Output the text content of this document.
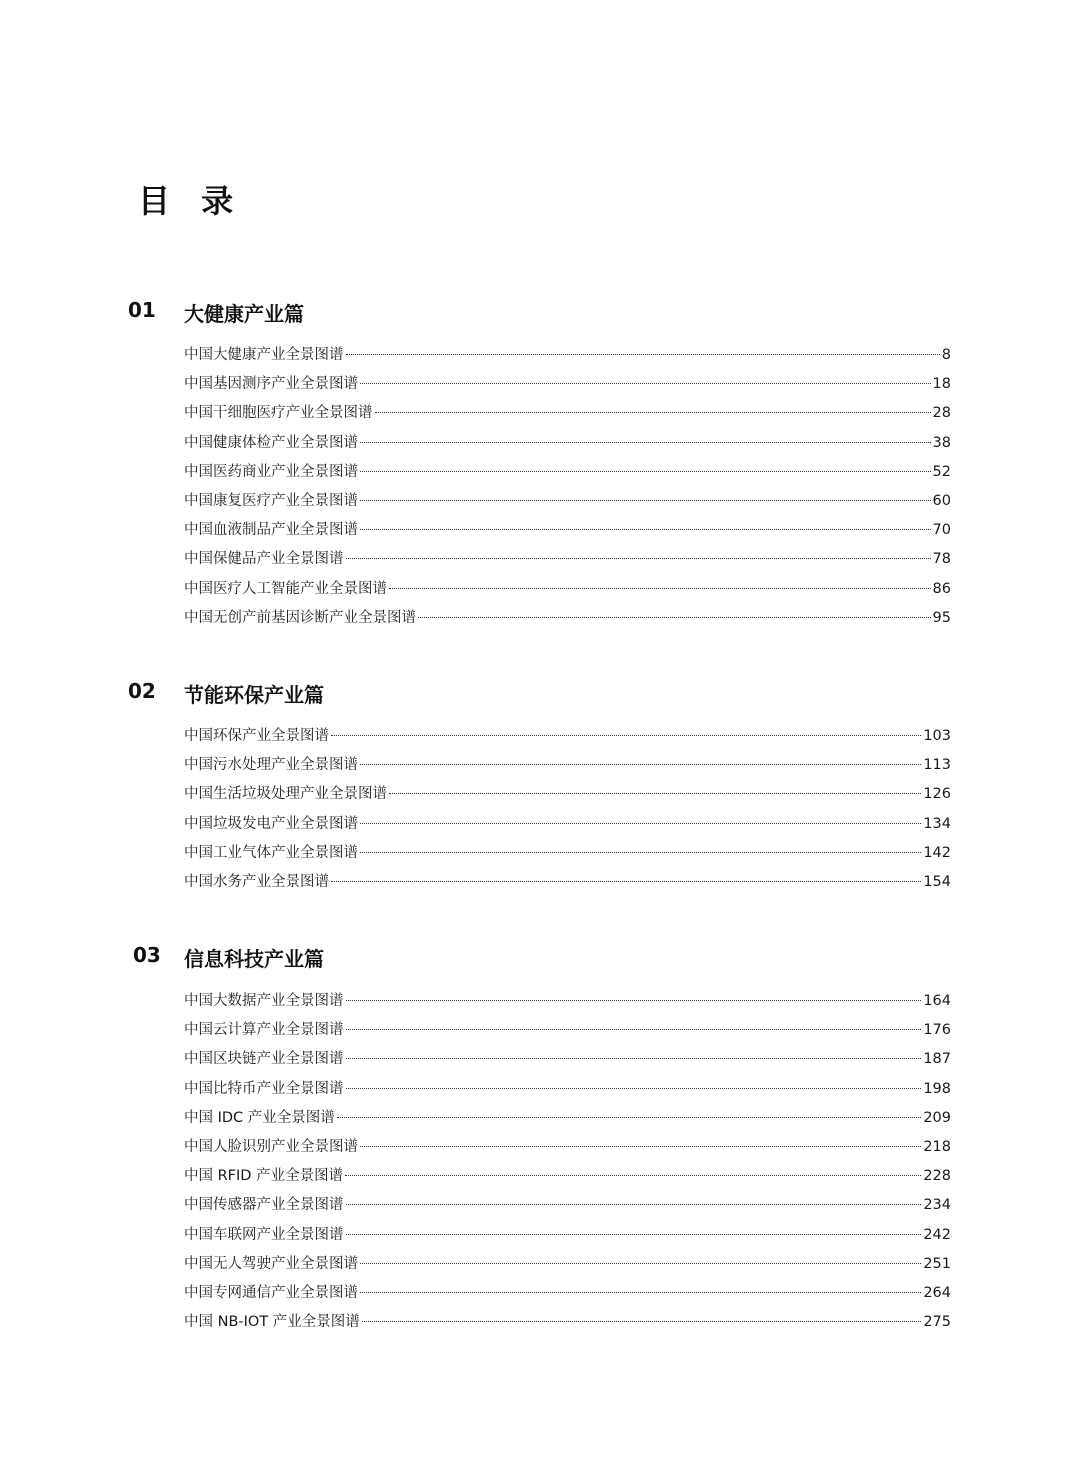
目 录
01 大健康产业篇
中国大健康产业全景图谱	8
中国基因测序产业全景图谱	18
中国干细胞医疗产业全景图谱	28
中国健康体检产业全景图谱	38
中国医药商业产业全景图谱	52
中国康复医疗产业全景图谱	60
中国血液制品产业全景图谱	70
中国保健品产业全景图谱	78
中国医疗人工智能产业全景图谱	86
中国无创产前基因诊断产业全景图谱	95
02 节能环保产业篇
中国环保产业全景图谱	103
中国污水处理产业全景图谱	113
中国生活垃圾处理产业全景图谱	126
中国垃圾发电产业全景图谱	134
中国工业气体产业全景图谱	142
中国水务产业全景图谱	154
03 信息科技产业篇
中国大数据产业全景图谱	164
中国云计算产业全景图谱	176
中国区块链产业全景图谱	187
中国比特币产业全景图谱	198
中国 IDC 产业全景图谱	209
中国人脸识别产业全景图谱	218
中国 RFID 产业全景图谱	228
中国传感器产业全景图谱	234
中国车联网产业全景图谱	242
中国无人驾驶产业全景图谱	251
中国专网通信产业全景图谱	264
中国 NB-IOT 产业全景图谱	275
